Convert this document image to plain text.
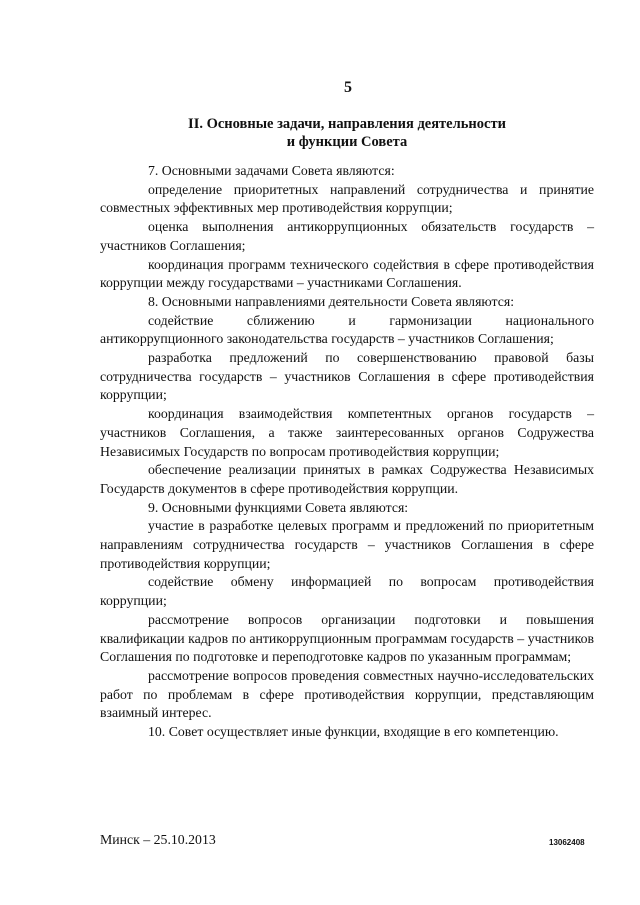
5
II. Основные задачи, направления деятельности
и функции Совета

7. Основными задачами Совета являются:

определение приоритетных направлений сотрудничества и принятие совместных эффективных мер противодействия коррупции;

оценка выполнения антикоррупционных обязательств государств – участников Соглашения;

координация программ технического содействия в сфере противодействия коррупции между государствами – участниками Соглашения.

8. Основными направлениями деятельности Совета являются:

содействие сближению и гармонизации национального антикоррупционного законодательства государств – участников Соглашения;

разработка предложений по совершенствованию правовой базы сотрудничества государств – участников Соглашения в сфере противодействия коррупции;

координация взаимодействия компетентных органов государств – участников Соглашения, а также заинтересованных органов Содружества Независимых Государств по вопросам противодействия коррупции;

обеспечение реализации принятых в рамках Содружества Независимых Государств документов в сфере противодействия коррупции.

9. Основными функциями Совета являются:

участие в разработке целевых программ и предложений по приоритетным направлениям сотрудничества государств – участников Соглашения в сфере противодействия коррупции;

содействие обмену информацией по вопросам противодействия коррупции;

рассмотрение вопросов организации подготовки и повышения квалификации кадров по антикоррупционным программам государств – участников Соглашения по подготовке и переподготовке кадров по указанным программам;

рассмотрение вопросов проведения совместных научно-исследовательских работ по проблемам в сфере противодействия коррупции, представляющим взаимный интерес.

10. Совет осуществляет иные функции, входящие в его компетенцию.

Минск – 25.10.2013	13062408
